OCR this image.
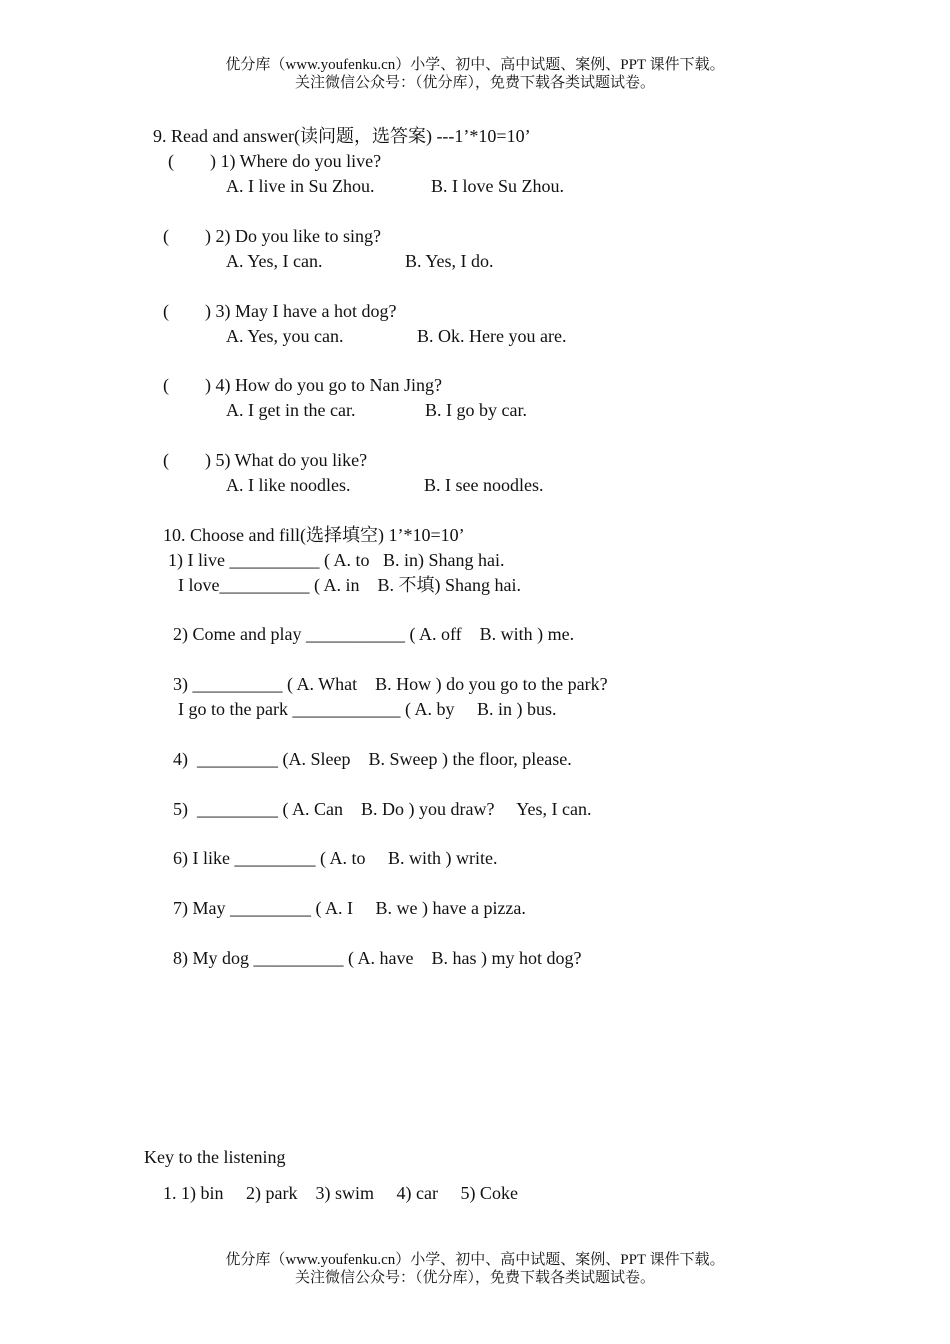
优分库（www.youfenku.cn）小学、初中、高中试题、案例、PPT 课件下载。
关注微信公众号：（优分库），免费下载各类试题试卷。
9. Read and answer(读问题，选答案) ---1’*10=10’
(        ) 1) Where do you live?
A. I live in Su Zhou.	B. I love Su Zhou.
(        ) 2) Do you like to sing?
A. Yes, I can.	B. Yes, I do.
(        ) 3) May I have a hot dog?
A. Yes, you can.	B. Ok. Here you are.
(        ) 4) How do you go to Nan Jing?
A. I get in the car.	B. I go by car.
(        ) 5) What do you like?
A. I like noodles.	B. I see noodles.
10. Choose and fill(选择填空) 1’*10=10’
1) I live __________ ( A. to   B. in) Shang hai.
I love__________ ( A. in    B. 不填) Shang hai.
2) Come and play ___________ ( A. off    B. with ) me.
3) __________ ( A. What    B. How ) do you go to the park?
I go to the park ____________ ( A. by     B. in ) bus.
4)  _________ (A. Sleep    B. Sweep ) the floor, please.
5)  _________ ( A. Can    B. Do ) you draw?     Yes, I can.
6) I like _________ ( A. to     B. with ) write.
7) May _________ ( A. I     B. we ) have a pizza.
8) My dog __________ ( A. have    B. has ) my hot dog?
Key to the listening
1. 1) bin     2) park    3) swim     4) car     5) Coke
优分库（www.youfenku.cn）小学、初中、高中试题、案例、PPT 课件下载。
关注微信公众号：（优分库），免费下载各类试题试卷。
